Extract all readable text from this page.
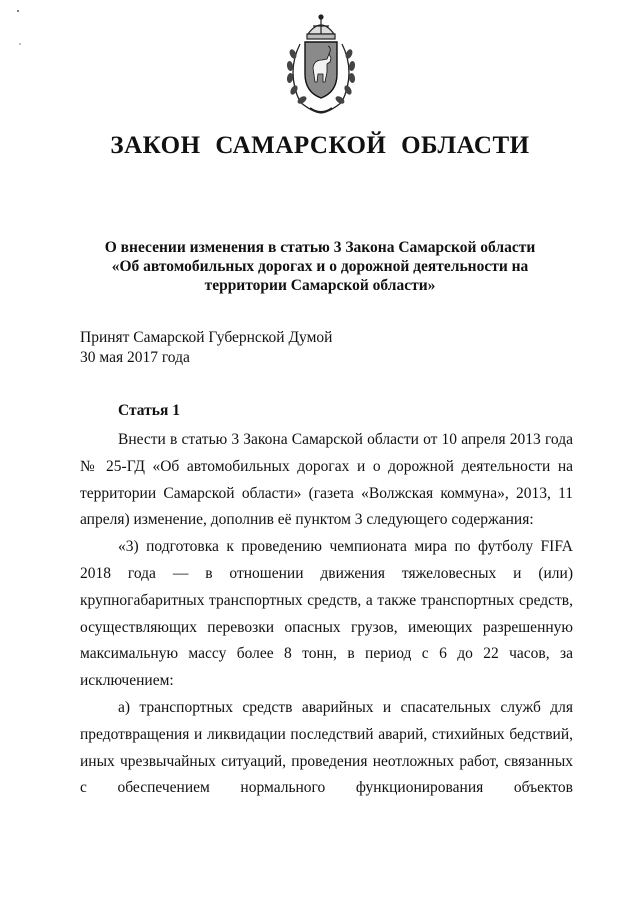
ЗАКОН САМАРСКОЙ ОБЛАСТИ
О внесении изменения в статью 3 Закона Самарской области
«Об автомобильных дорогах и о дорожной деятельности на
территории Самарской области»
Принят Самарской Губернской Думой
30 мая 2017 года
Статья 1

Внести в статью 3 Закона Самарской области от 10 апреля 2013 года № 25-ГД «Об автомобильных дорогах и о дорожной деятельности на территории Самарской области» (газета «Волжская коммуна», 2013, 11 апреля) изменение, дополнив её пунктом 3 следующего содержания:

«3) подготовка к проведению чемпионата мира по футболу FIFA 2018 года — в отношении движения тяжеловесных и (или) крупногабаритных транспортных средств, а также транспортных средств, осуществляющих перевозки опасных грузов, имеющих разрешенную максимальную массу более 8 тонн, в период с 6 до 22 часов, за исключением:

а) транспортных средств аварийных и спасательных служб для предотвращения и ликвидации последствий аварий, стихийных бедствий, иных чрезвычайных ситуаций, проведения неотложных работ, связанных с обеспечением нормального функционирования объектов
